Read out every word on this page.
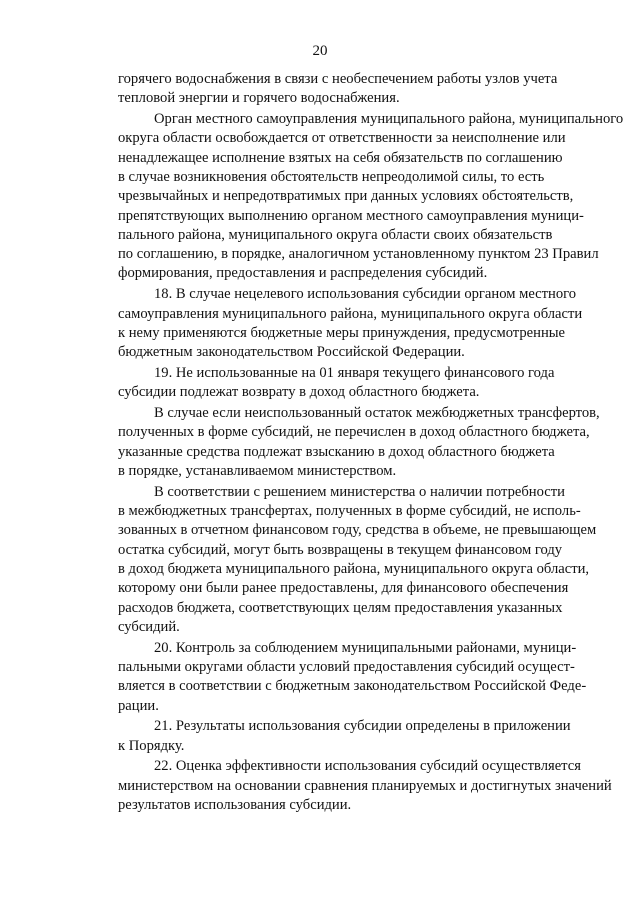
20
горячего водоснабжения в связи с необеспечением работы узлов учета
тепловой энергии и горячего водоснабжения.
Орган местного самоуправления муниципального района, муниципального
округа области освобождается от ответственности за неисполнение или
ненадлежащее исполнение взятых на себя обязательств по соглашению
в случае возникновения обстоятельств непреодолимой силы, то есть
чрезвычайных и непредотвратимых при данных условиях обстоятельств,
препятствующих выполнению органом местного самоуправления муници-
пального района, муниципального округа области своих обязательств
по соглашению, в порядке, аналогичном установленному пунктом 23 Правил
формирования, предоставления и распределения субсидий.
18. В случае нецелевого использования субсидии органом местного
самоуправления муниципального района, муниципального округа области
к нему применяются бюджетные меры принуждения, предусмотренные
бюджетным законодательством Российской Федерации.
19. Не использованные на 01 января текущего финансового года
субсидии подлежат возврату в доход областного бюджета.
В случае если неиспользованный остаток межбюджетных трансфертов,
полученных в форме субсидий, не перечислен в доход областного бюджета,
указанные средства подлежат взысканию в доход областного бюджета
в порядке, устанавливаемом министерством.
В соответствии с решением министерства о наличии потребности
в межбюджетных трансфертах, полученных в форме субсидий, не исполь-
зованных в отчетном финансовом году, средства в объеме, не превышающем
остатка субсидий, могут быть возвращены в текущем финансовом году
в доход бюджета муниципального района, муниципального округа области,
которому они были ранее предоставлены, для финансового обеспечения
расходов бюджета, соответствующих целям предоставления указанных
субсидий.
20. Контроль за соблюдением муниципальными районами, муници-
пальными округами области условий предоставления субсидий осущест-
вляется в соответствии с бюджетным законодательством Российской Феде-
рации.
21. Результаты использования субсидии определены в приложении
к Порядку.
22. Оценка эффективности использования субсидий осуществляется
министерством на основании сравнения планируемых и достигнутых значений
результатов использования субсидии.
